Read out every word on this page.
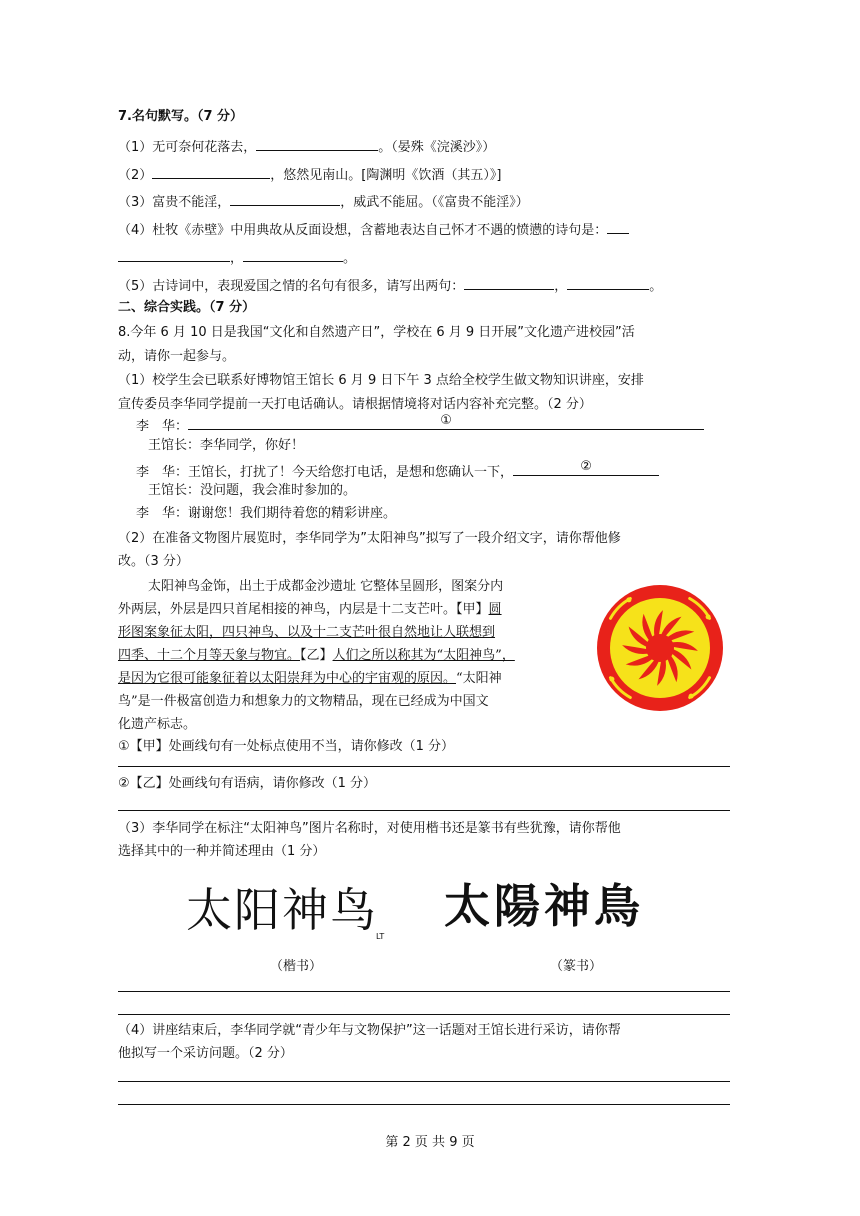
7.名句默写。（7 分）
（1）无可奈何花落去，	。（晏殊《浣溪沙》）
（2）	，悠然见南山。[陶渊明《饮酒（其五）》]
（3）富贵不能淫，	，威武不能屈。（《富贵不能淫》）
（4）杜牧《赤壁》中用典故从反面设想，含蓄地表达自己怀才不遇的愤懑的诗句是：
，	。
（5）古诗词中，表现爱国之情的名句有很多，请写出两句：	，	。
二、综合实践。（7 分）
8.今年 6 月 10 日是我国“文化和自然遗产日”，学校在 6 月 9 日开展”文化遗产进校园”活
动，请你一起参与。
（1）校学生会已联系好博物馆王馆长 6 月 9 日下午 3 点给全校学生做文物知识讲座，安排
宣传委员李华同学提前一天打电话确认。请根据情境将对话内容补充完整。（2 分）
李　华：	①
王馆长：李华同学，你好！
李　华：王馆长，打扰了！今天给您打电话，是想和您确认一下，	②
王馆长：没问题，我会准时参加的。
李　华：谢谢您！我们期待着您的精彩讲座。
（2）在准备文物图片展览时，李华同学为”太阳神鸟”拟写了一段介绍文字，请你帮他修
改。（3 分）
太阳神鸟金饰，出土于成都金沙遗址 它整体呈圆形，图案分内
外两层，外层是四只首尾相接的神鸟，内层是十二支芒叶。【甲】圆
形图案象征太阳，四只神鸟、以及十二支芒叶很自然地让人联想到
四季、十二个月等天象与物宜。【乙】人们之所以称其为“太阳神鸟”，
是因为它很可能象征着以太阳崇拜为中心的宇宙观的原因。“太阳神
鸟”是一件极富创造力和想象力的文物精品，现在已经成为中国文
化遗产标志。
①【甲】处画线句有一处标点使用不当，请你修改（1 分）
②【乙】处画线句有语病，请你修改（1 分）
（3）李华同学在标注“太阳神鸟”图片名称时，对使用楷书还是篆书有些犹豫，请你帮他
选择其中的一种并简述理由（1 分）
太阳神鸟
LT
太陽神鳥
（楷书）	（篆书）
（4）讲座结束后，李华同学就“青少年与文物保护”这一话题对王馆长进行采访，请你帮
他拟写一个采访问题。（2 分）
第 2 页 共 9 页
